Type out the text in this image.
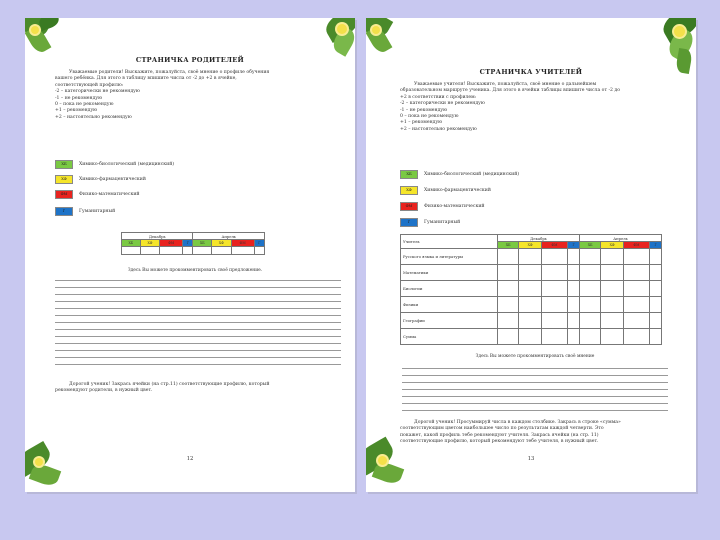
СТРАНИЧКА РОДИТЕЛЕЙ
Уважаемые родители! Выскажите, пожалуйста, своё мнение о профиле обучения
вашего ребёнка. Для этого в таблицу впишите числа от -2 до +2 в ячейке,
соответствующей профилю:
-2 – категорически не рекомендую
-1 – не рекомендую
0 – пока не рекомендую
+1 – рекомендую
+2 – настоятельно рекомендую
ХБ	Химико-биологический (медицинский)
ХФ	Химико-фармацевтический
ФМ	Физико-математический
Г	Гуманитарный
Декабрь				Апрель			
ХБ	ХФ	ФМ	Г	ХБ	ХФ	ФМ	Г

Здесь Вы можете прокомментировать своё предложение.
Дорогой ученик! Закрась ячейки (на стр.11) соответствующие профилю, который
рекомендуют родители, в нужный цвет.
12
СТРАНИЧКА УЧИТЕЛЕЙ
Уважаемые учителя! Выскажите, пожалуйста, своё мнение о дальнейшем
образовательном маршруте ученика. Для этого в ячейки таблицы впишите числа от -2 до
+2 в соответствии с профилем:
-2 – категорически не рекомендую
-1 – не рекомендую
0 – пока не рекомендую
+1 – рекомендую
+2 – настоятельно рекомендую
ХБ	Химико-биологический (медицинский)
ХФ	Химико-фармацевтический
ФМ	Физико-математический
Г	Гуманитарный
Учитель	Декабрь				Апрель			
	ХБ	ХФ	ФМ	Г	ХБ	ХФ	ФМ	Г
Русского языка и литературы								
Математики								
Биологии								
Физики								
Географии								
Сумма								
Здесь Вы можете прокомментировать своё мнение
Дорогой ученик! Просуммируй числа в каждом столбике. Закрась в строке «сумма»
соответствующим цветом наибольшее число по результатам каждой четверти. Это
покажет, какой профиль тебе рекомендуют учителя. Закрась ячейки (на стр. 11)
соответствующие профилю, который рекомендуют тебе учителя, в нужный цвет.
13
